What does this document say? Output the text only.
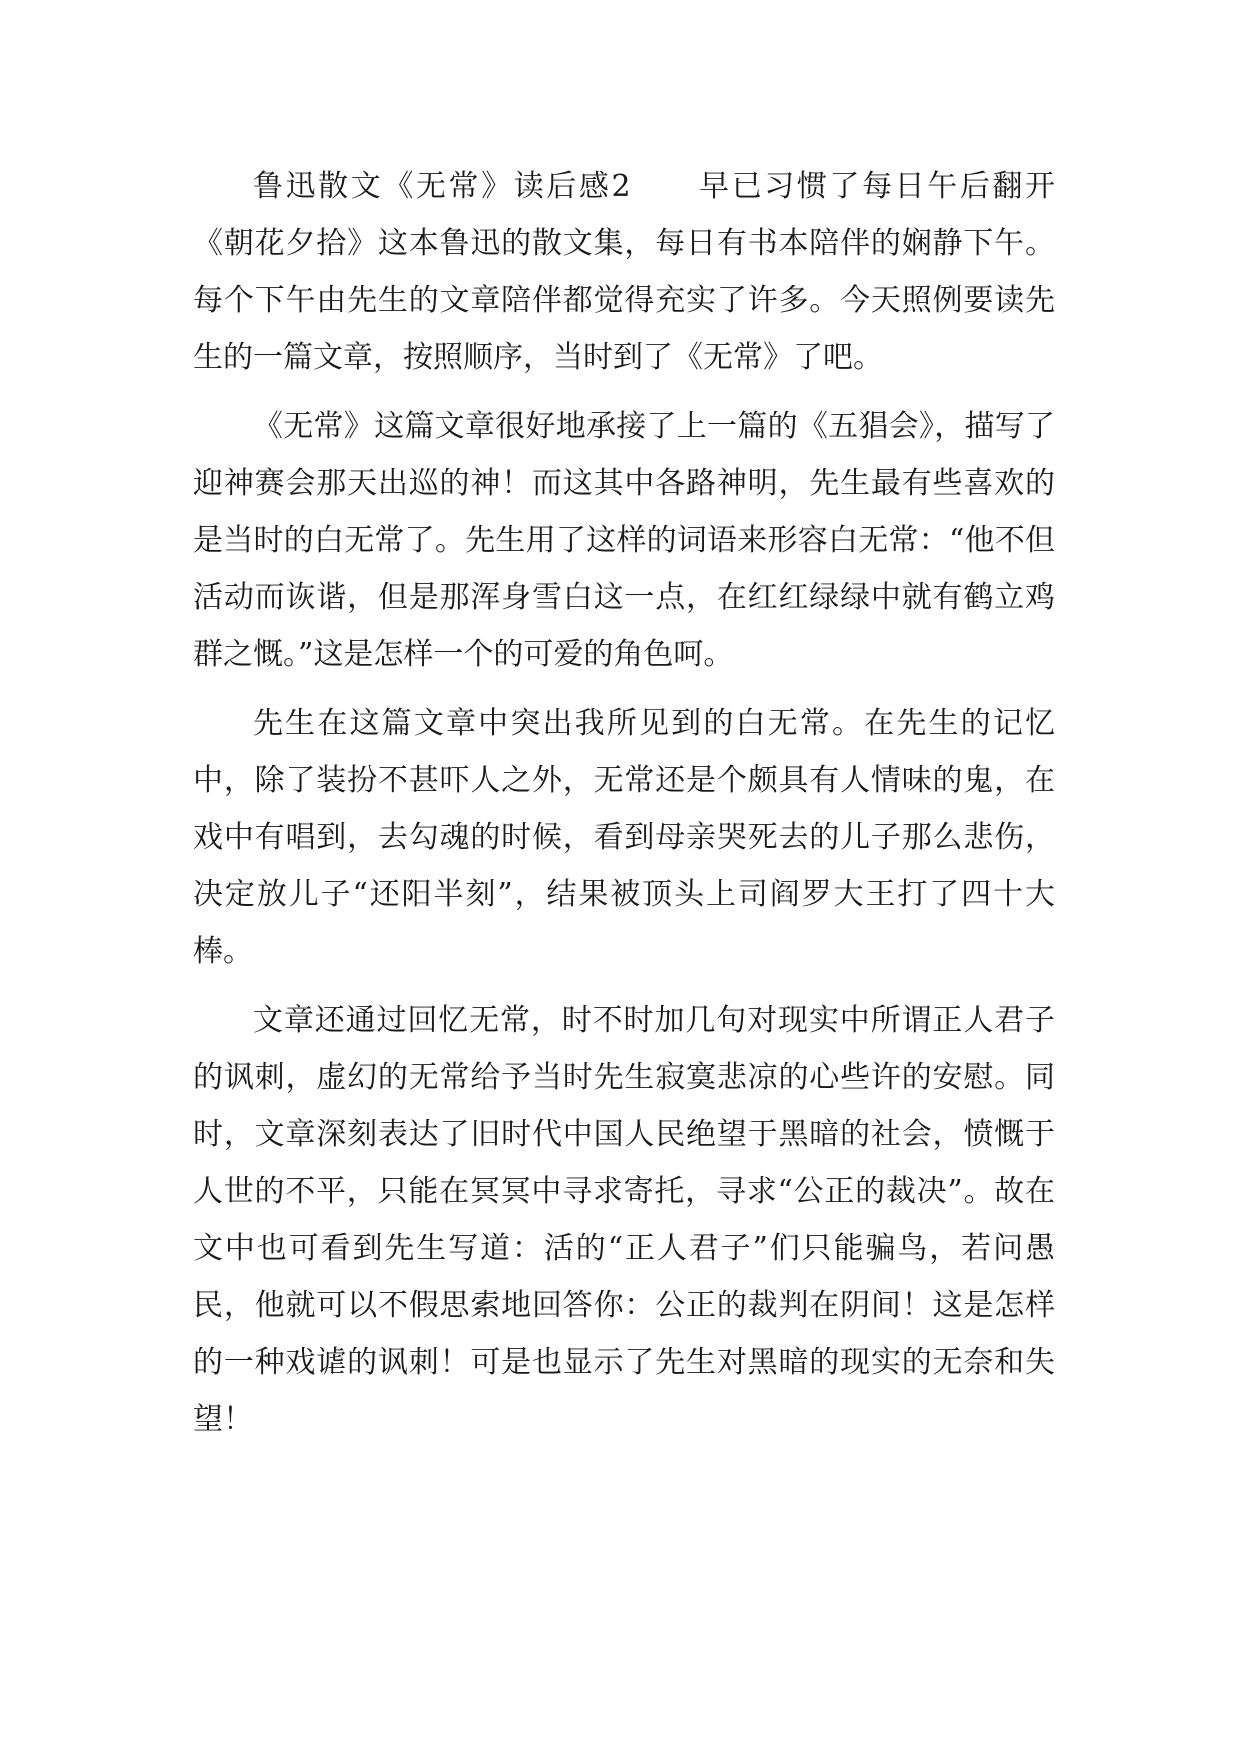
鲁迅散文《无常》读后感2 早已习惯了每日午后翻开《朝花夕拾》这本鲁迅的散文集，每日有书本陪伴的娴静下午。每个下午由先生的文章陪伴都觉得充实了许多。今天照例要读先生的一篇文章，按照顺序，当时到了《无常》了吧。

《无常》这篇文章很好地承接了上一篇的《五猖会》，描写了迎神赛会那天出巡的神！而这其中各路神明，先生最有些喜欢的是当时的白无常了。先生用了这样的词语来形容白无常：“他不但活动而诙谐，但是那浑身雪白这一点，在红红绿绿中就有鹤立鸡群之慨。”这是怎样一个的可爱的角色呵。

先生在这篇文章中突出我所见到的白无常。在先生的记忆中，除了装扮不甚吓人之外，无常还是个颇具有人情味的鬼，在戏中有唱到，去勾魂的时候，看到母亲哭死去的儿子那么悲伤，决定放儿子“还阳半刻”，结果被顶头上司阎罗大王打了四十大棒。

文章还通过回忆无常，时不时加几句对现实中所谓正人君子的讽刺，虚幻的无常给予当时先生寂寞悲凉的心些许的安慰。同时，文章深刻表达了旧时代中国人民绝望于黑暗的社会，愤慨于人世的不平，只能在冥冥中寻求寄托，寻求“公正的裁决”。故在文中也可看到先生写道：活的“正人君子”们只能骗鸟，若问愚民，他就可以不假思索地回答你：公正的裁判在阴间！这是怎样的一种戏谑的讽刺！可是也显示了先生对黑暗的现实的无奈和失望！
